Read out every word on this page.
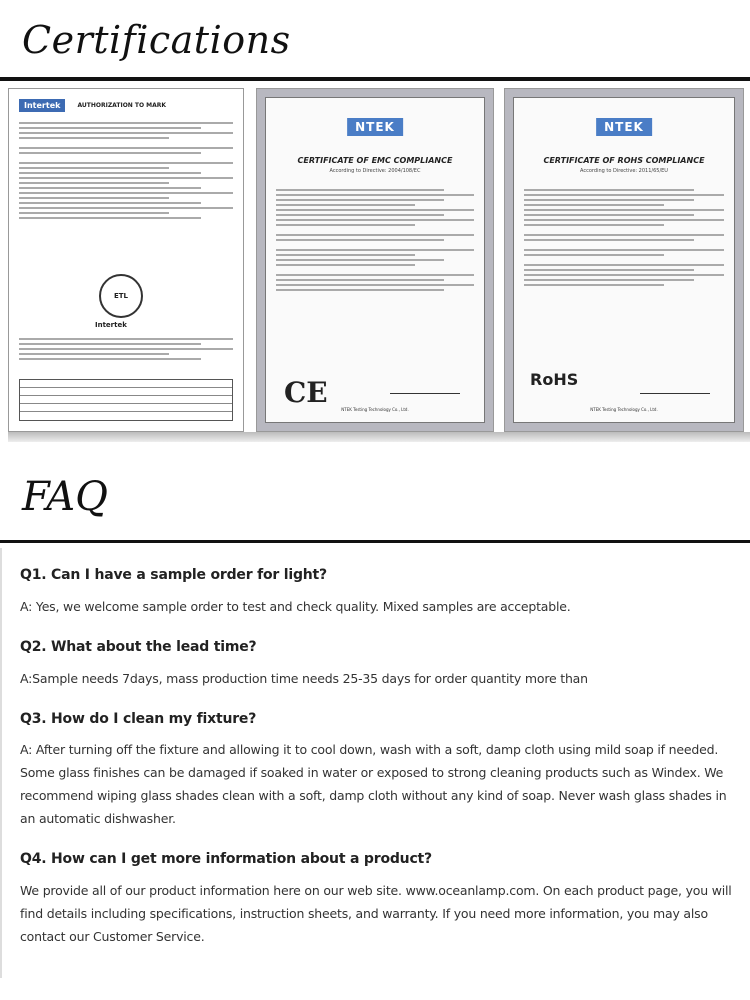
Certifications
Intertek	AUTHORIZATION TO MARK
ETL
Intertek
NTEK
CERTIFICATE OF EMC COMPLIANCE
According to Directive: 2004/108/EC
CE
NTEK Testing Technology Co., Ltd.
NTEK
CERTIFICATE OF ROHS COMPLIANCE
According to Directive: 2011/65/EU
RoHS
NTEK Testing Technology Co., Ltd.
FAQ
Q1. Can I have a sample order for light?
A: Yes, we welcome sample order to test and check quality. Mixed samples are acceptable.
Q2. What about the lead time?
A:Sample needs 7days, mass production time needs 25-35 days for order quantity more than
Q3. How do I clean my fixture?
A: After turning off the fixture and allowing it to cool down, wash with a soft, damp cloth using mild soap if needed. Some glass finishes can be damaged if soaked in water or exposed to strong cleaning products such as Windex. We recommend wiping glass shades clean with a soft, damp cloth without any kind of soap. Never wash glass shades in an automatic dishwasher.
Q4. How can I get more information about a product?
We provide all of our product information here on our web site. www.oceanlamp.com. On each product page, you will find details including specifications, instruction sheets, and warranty. If you need more information, you may also contact our Customer Service.
